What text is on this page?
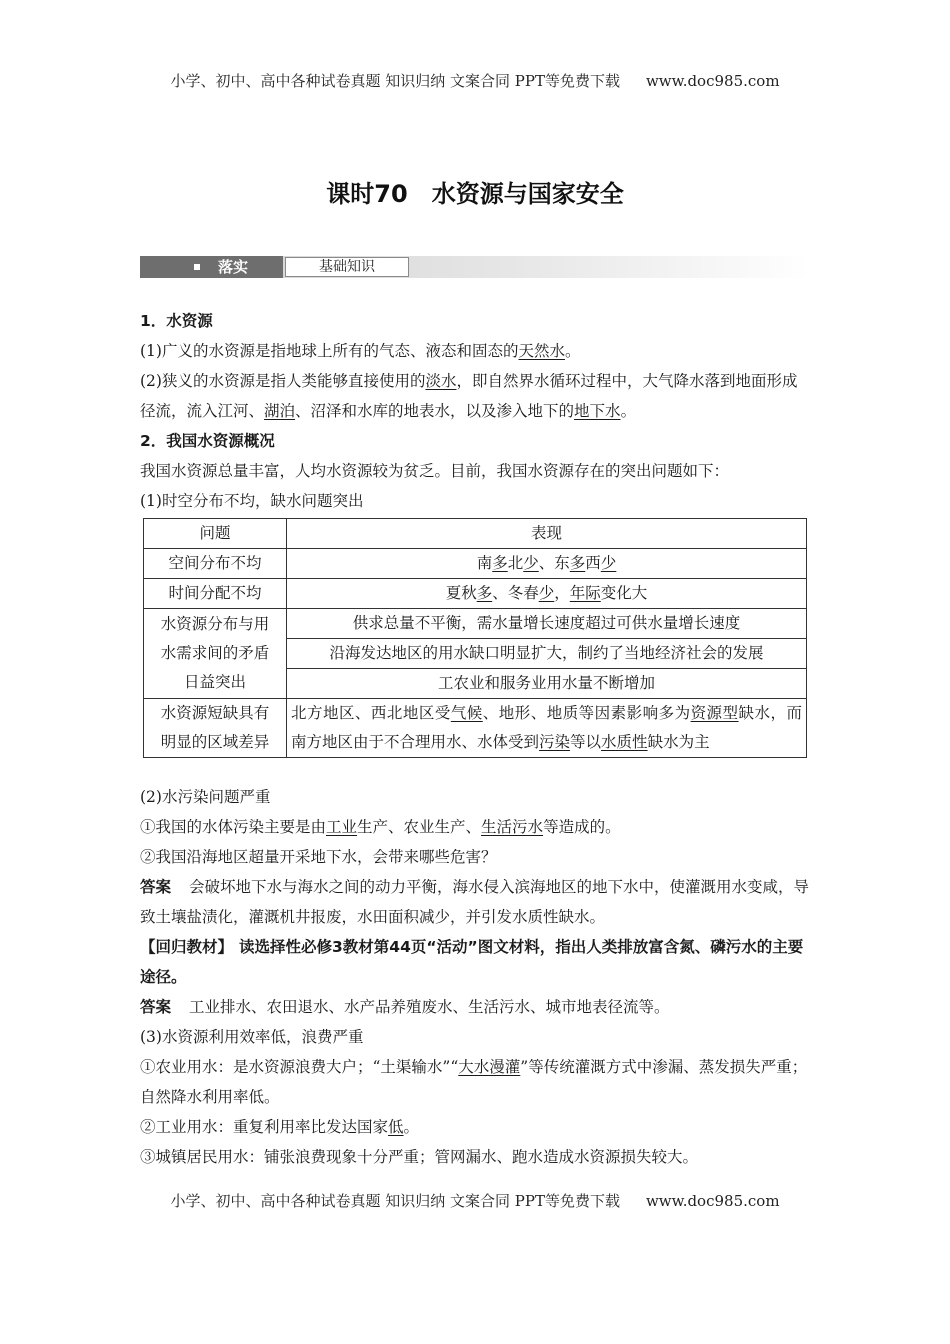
小学、初中、高中各种试卷真题 知识归纳 文案合同 PPT等免费下载 www.doc985.com
课时70　水资源与国家安全
落实	基础知识

1．水资源

(1)广义的水资源是指地球上所有的气态、液态和固态的天然水。

(2)狭义的水资源是指人类能够直接使用的淡水，即自然界水循环过程中，大气降水落到地面形成径流，流入江河、湖泊、沼泽和水库的地表水，以及渗入地下的地下水。

2．我国水资源概况

我国水资源总量丰富，人均水资源较为贫乏。目前，我国水资源存在的突出问题如下：

(1)时空分布不均，缺水问题突出

问题	表现
空间分布不均	南多北少、东多西少
时间分配不均	夏秋多、冬春少，年际变化大
水资源分布与用
水需求间的矛盾
日益突出	供求总量不平衡，需水量增长速度超过可供水量增长速度
	沿海发达地区的用水缺口明显扩大，制约了当地经济社会的发展
	工农业和服务业用水量不断增加
水资源短缺具有
明显的区域差异	北方地区、西北地区受气候、地形、地质等因素影响多为资源型缺水，而南方地区由于不合理用水、水体受到污染等以水质性缺水为主

(2)水污染问题严重

①我国的水体污染主要是由工业生产、农业生产、生活污水等造成的。

②我国沿海地区超量开采地下水，会带来哪些危害？

答案 会破坏地下水与海水之间的动力平衡，海水侵入滨海地区的地下水中，使灌溉用水变咸，导致土壤盐渍化，灌溉机井报废，水田面积减少，并引发水质性缺水。

【回归教材】 读选择性必修3教材第44页“活动”图文材料，指出人类排放富含氮、磷污水的主要途径。

答案 工业排水、农田退水、水产品养殖废水、生活污水、城市地表径流等。

(3)水资源利用效率低，浪费严重

①农业用水：是水资源浪费大户；“土渠输水”“大水漫灌”等传统灌溉方式中渗漏、蒸发损失严重；自然降水利用率低。

②工业用水：重复利用率比发达国家低。

③城镇居民用水：铺张浪费现象十分严重；管网漏水、跑水造成水资源损失较大。

小学、初中、高中各种试卷真题 知识归纳 文案合同 PPT等免费下载 www.doc985.com
